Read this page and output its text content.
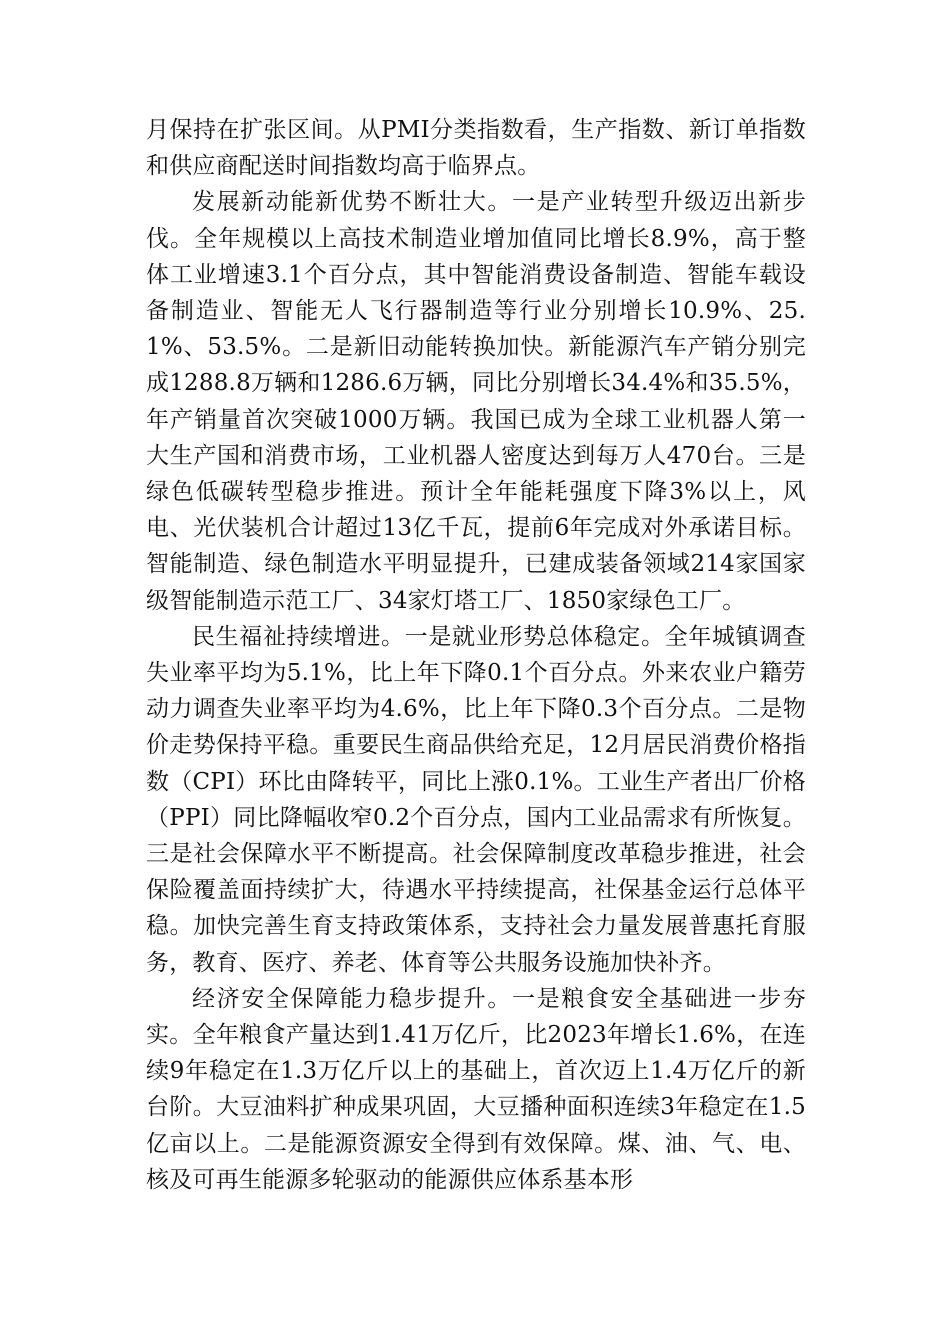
月保持在扩张区间。从PMI分类指数看，生产指数、新订单指数和供应商配送时间指数均高于临界点。

发展新动能新优势不断壮大。一是产业转型升级迈出新步伐。全年规模以上高技术制造业增加值同比增长8.9%，高于整体工业增速3.1个百分点，其中智能消费设备制造、智能车载设备制造业、智能无人飞行器制造等行业分别增长10.9%、25.1%、53.5%。二是新旧动能转换加快。新能源汽车产销分别完成1288.8万辆和1286.6万辆，同比分别增长34.4%和35.5%，年产销量首次突破1000万辆。我国已成为全球工业机器人第一大生产国和消费市场，工业机器人密度达到每万人470台。三是绿色低碳转型稳步推进。预计全年能耗强度下降3%以上，风电、光伏装机合计超过13亿千瓦，提前6年完成对外承诺目标。智能制造、绿色制造水平明显提升，已建成装备领域214家国家级智能制造示范工厂、34家灯塔工厂、1850家绿色工厂。

民生福祉持续增进。一是就业形势总体稳定。全年城镇调查失业率平均为5.1%，比上年下降0.1个百分点。外来农业户籍劳动力调查失业率平均为4.6%，比上年下降0.3个百分点。二是物价走势保持平稳。重要民生商品供给充足，12月居民消费价格指数（CPI）环比由降转平，同比上涨0.1%。工业生产者出厂价格（PPI）同比降幅收窄0.2个百分点，国内工业品需求有所恢复。三是社会保障水平不断提高。社会保障制度改革稳步推进，社会保险覆盖面持续扩大，待遇水平持续提高，社保基金运行总体平稳。加快完善生育支持政策体系，支持社会力量发展普惠托育服务，教育、医疗、养老、体育等公共服务设施加快补齐。

经济安全保障能力稳步提升。一是粮食安全基础进一步夯实。全年粮食产量达到1.41万亿斤，比2023年增长1.6%，在连续9年稳定在1.3万亿斤以上的基础上，首次迈上1.4万亿斤的新台阶。大豆油料扩种成果巩固，大豆播种面积连续3年稳定在1.5亿亩以上。二是能源资源安全得到有效保障。煤、油、气、电、核及可再生能源多轮驱动的能源供应体系基本形
